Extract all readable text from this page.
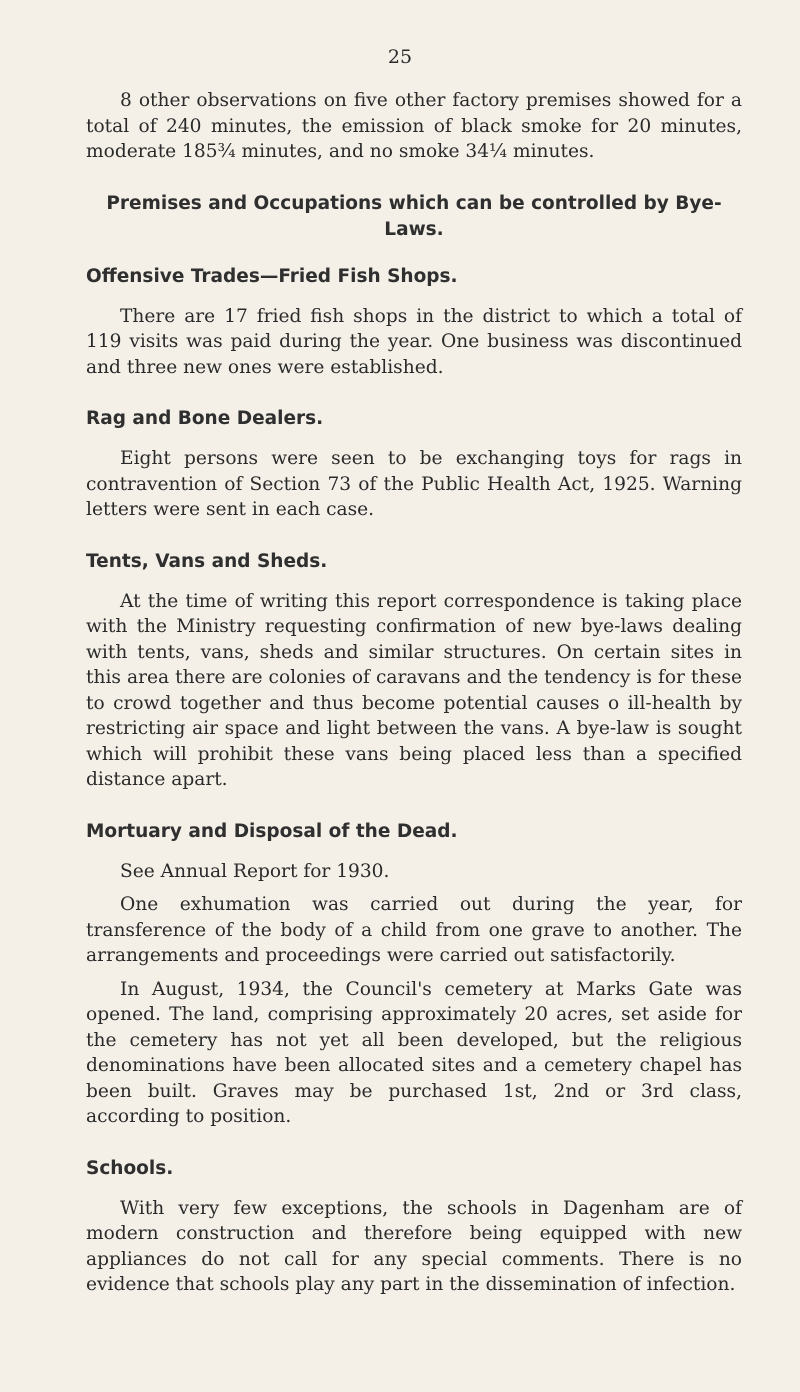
25

8 other observations on five other factory premises showed for a total of 240 minutes, the emission of black smoke for 20 minutes, moderate 185¾ minutes, and no smoke 34¼ minutes.

Premises and Occupations which can be controlled by Bye-Laws.
Offensive Trades—Fried Fish Shops.

There are 17 fried fish shops in the district to which a total of 119 visits was paid during the year. One business was discontinued and three new ones were established.

Rag and Bone Dealers.

Eight persons were seen to be exchanging toys for rags in contravention of Section 73 of the Public Health Act, 1925. Warning letters were sent in each case.

Tents, Vans and Sheds.

At the time of writing this report correspondence is taking place with the Ministry requesting confirmation of new bye-laws dealing with tents, vans, sheds and similar structures. On certain sites in this area there are colonies of caravans and the tendency is for these to crowd together and thus become potential causes o ill-health by restricting air space and light between the vans. A bye-law is sought which will prohibit these vans being placed less than a specified distance apart.

Mortuary and Disposal of the Dead.

See Annual Report for 1930.

One exhumation was carried out during the year, for transference of the body of a child from one grave to another. The arrangements and proceedings were carried out satisfactorily.

In August, 1934, the Council's cemetery at Marks Gate was opened. The land, comprising approximately 20 acres, set aside for the cemetery has not yet all been developed, but the religious denominations have been allocated sites and a cemetery chapel has been built. Graves may be purchased 1st, 2nd or 3rd class, according to position.

Schools.

With very few exceptions, the schools in Dagenham are of modern construction and therefore being equipped with new appliances do not call for any special comments. There is no evidence that schools play any part in the dissemination of infection.
